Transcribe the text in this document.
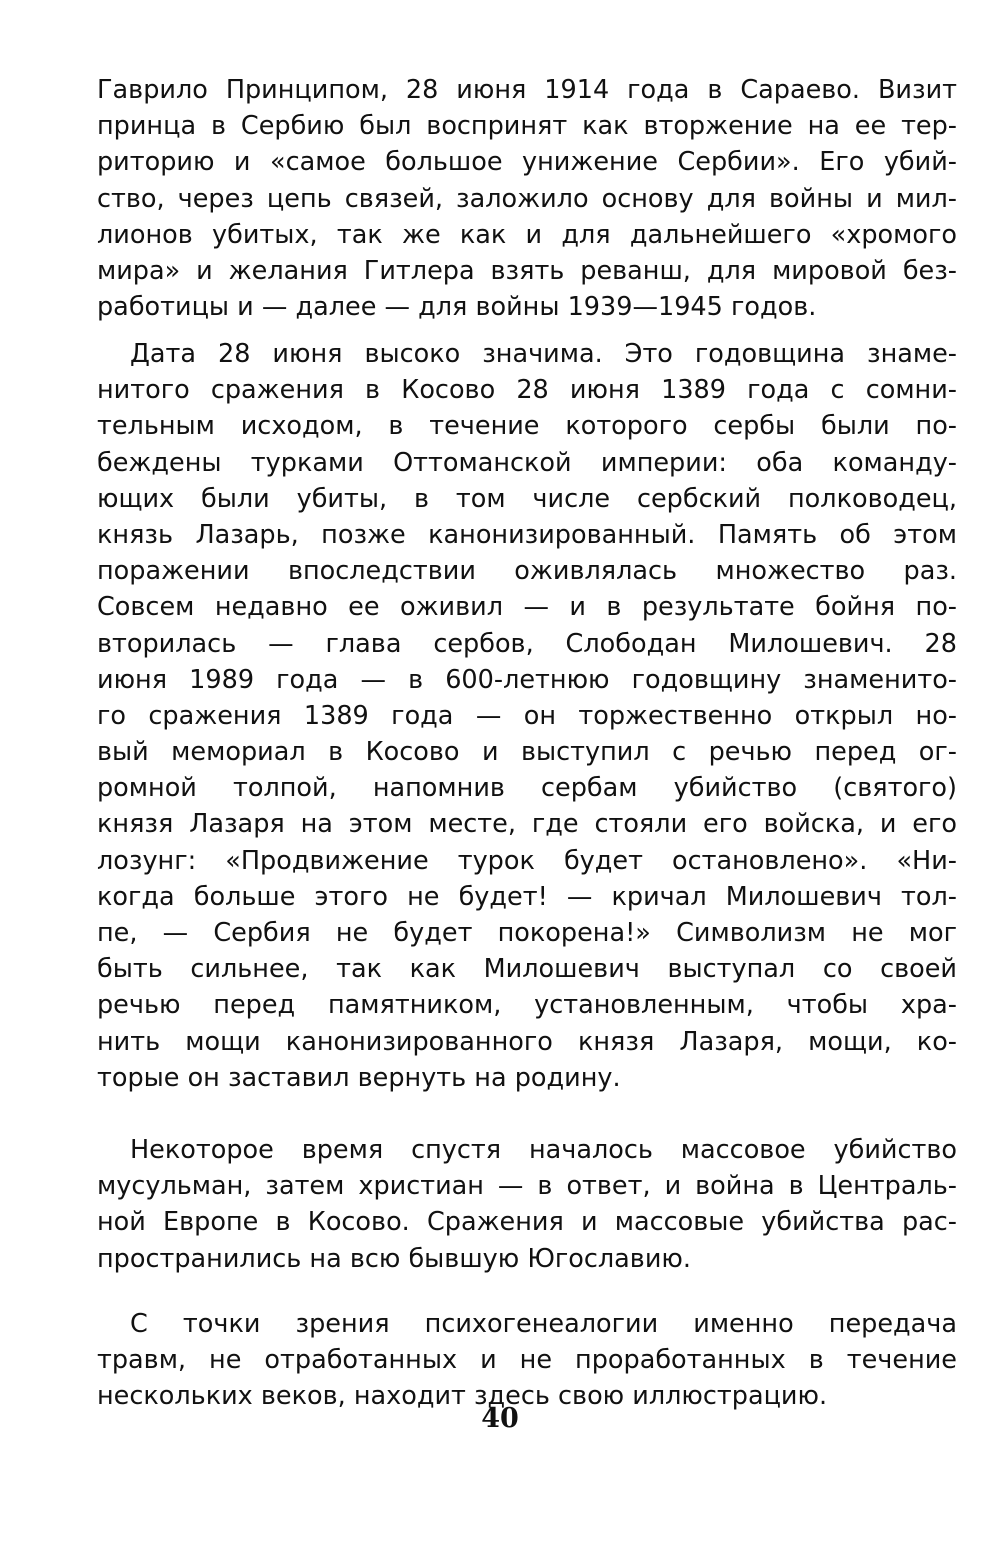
Гаврило Принципом, 28 июня 1914 года в Сараево. Визит
принца в Сербию был воспринят как вторжение на ее тер-
риторию и «самое большое унижение Сербии». Его убий-
ство, через цепь связей, заложило основу для войны и мил-
лионов убитых, так же как и для дальнейшего «хромого
мира» и желания Гитлера взять реванш, для мировой без-
работицы и — далее — для войны 1939—1945 годов.
Дата 28 июня высоко значима. Это годовщина знаме-
нитого сражения в Косово 28 июня 1389 года с сомни-
тельным исходом, в течение которого сербы были по-
беждены турками Оттоманской империи: оба команду-
ющих были убиты, в том числе сербский полководец,
князь Лазарь, позже канонизированный. Память об этом
поражении впоследствии оживлялась множество раз.
Совсем недавно ее оживил — и в результате бойня по-
вторилась — глава сербов, Слободан Милошевич. 28
июня 1989 года — в 600-летнюю годовщину знаменито-
го сражения 1389 года — он торжественно открыл но-
вый мемориал в Косово и выступил с речью перед ог-
ромной толпой, напомнив сербам убийство (святого)
князя Лазаря на этом месте, где стояли его войска, и его
лозунг: «Продвижение турок будет остановлено». «Ни-
когда больше этого не будет! — кричал Милошевич тол-
пе, — Сербия не будет покорена!» Символизм не мог
быть сильнее, так как Милошевич выступал со своей
речью перед памятником, установленным, чтобы хра-
нить мощи канонизированного князя Лазаря, мощи, ко-
торые он заставил вернуть на родину.
Некоторое время спустя началось массовое убийство
мусульман, затем христиан — в ответ, и война в Централь-
ной Европе в Косово. Сражения и массовые убийства рас-
пространились на всю бывшую Югославию.
С точки зрения психогенеалогии именно передача
травм, не отработанных и не проработанных в течение
нескольких веков, находит здесь свою иллюстрацию.
40
